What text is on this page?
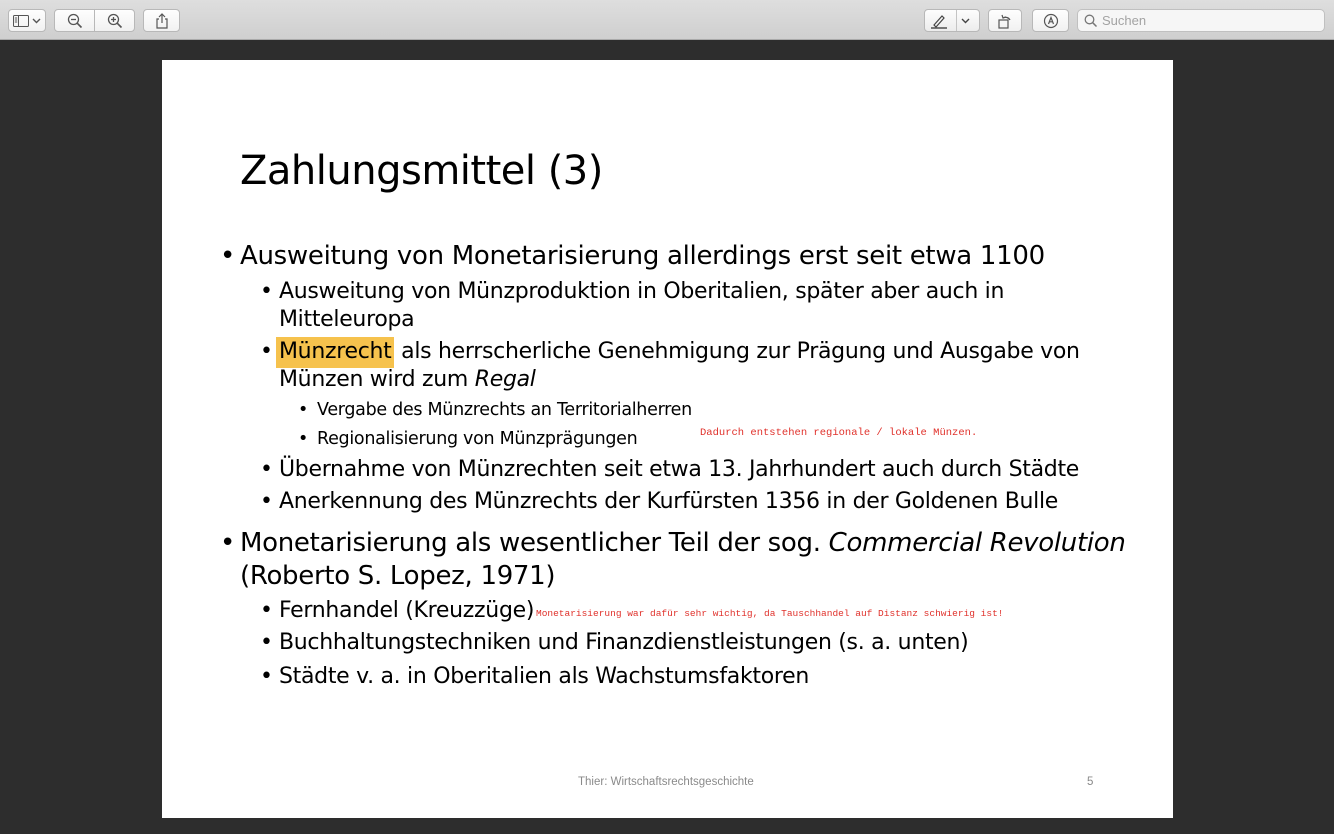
Suchen
Zahlungsmittel (3)
• Ausweitung von Monetarisierung allerdings erst seit etwa 1100
• Ausweitung von Münzproduktion in Oberitalien, später aber auch in
Mitteleuropa
• Münzrecht als herrscherliche Genehmigung zur Prägung und Ausgabe von
Münzen wird zum Regal
• Vergabe des Münzrechts an Territorialherren
• Regionalisierung von Münzprägungen	Dadurch entstehen regionale / lokale Münzen.
• Übernahme von Münzrechten seit etwa 13. Jahrhundert auch durch Städte
• Anerkennung des Münzrechts der Kurfürsten 1356 in der Goldenen Bulle
• Monetarisierung als wesentlicher Teil der sog. Commercial Revolution
(Roberto S. Lopez, 1971)
• Fernhandel (Kreuzzüge) Monetarisierung war dafür sehr wichtig, da Tauschhandel auf Distanz schwierig ist!
• Buchhaltungstechniken und Finanzdienstleistungen (s. a. unten)
• Städte v. a. in Oberitalien als Wachstumsfaktoren
Thier: Wirtschaftsrechtsgeschichte	5
